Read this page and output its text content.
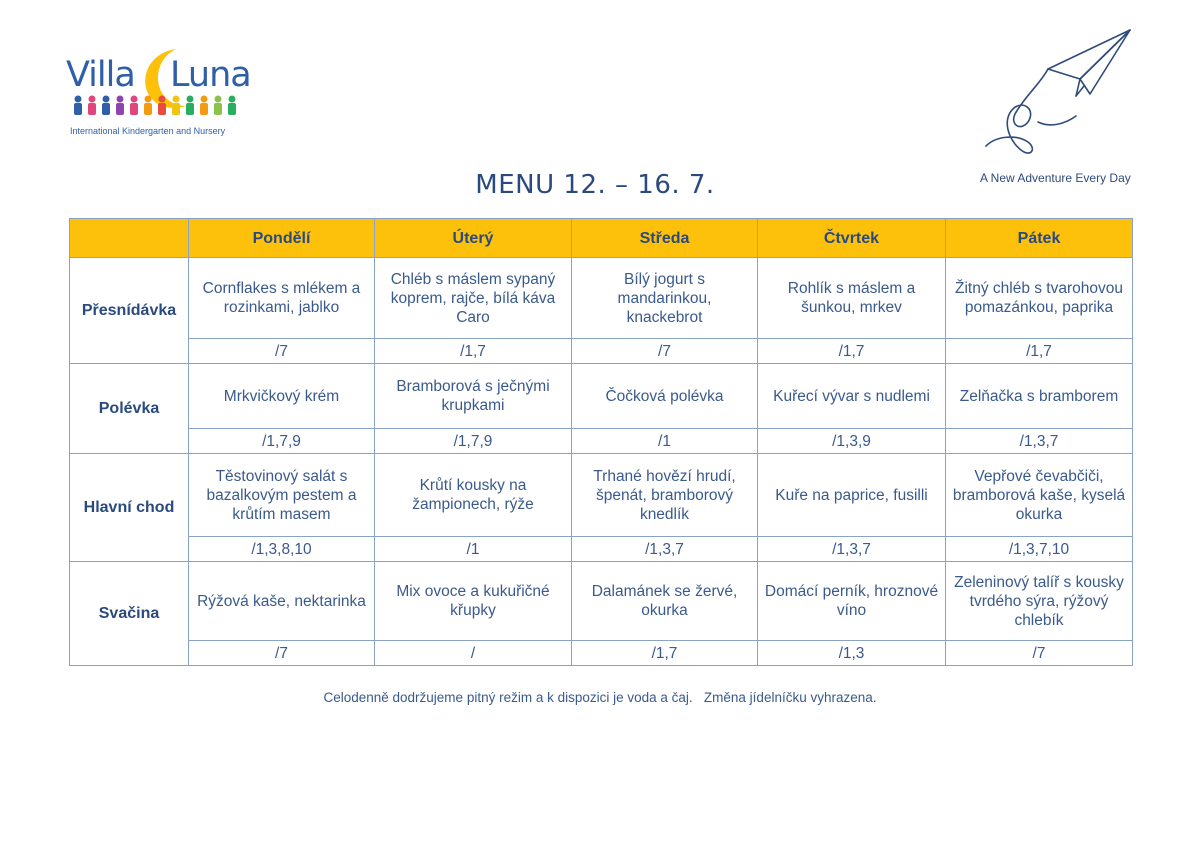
Villa Luna
International Kindergarten and Nursery
A New Adventure Every Day
MENU 12. – 16. 7.
	Pondělí	Úterý	Středa	Čtvrtek	Pátek
Přesnídávka	Cornflakes s mlékem a rozinkami, jablko	Chléb s máslem sypaný koprem, rajče, bílá káva Caro	Bílý jogurt s mandarinkou, knackebrot	Rohlík s máslem a šunkou, mrkev	Žitný chléb s tvarohovou pomazánkou, paprika
	/7	/1,7	/7	/1,7	/1,7
Polévka	Mrkvičkový krém	Bramborová s ječnými krupkami	Čočková polévka	Kuřecí vývar s nudlemi	Zelňačka s bramborem
	/1,7,9	/1,7,9	/1	/1,3,9	/1,3,7
Hlavní chod	Těstovinový salát s bazalkovým pestem a krůtím masem	Krůtí kousky na žampionech, rýže	Trhané hovězí hrudí, špenát, bramborový knedlík	Kuře na paprice, fusilli	Vepřové čevabčiči, bramborová kaše, kyselá okurka
	/1,3,8,10	/1	/1,3,7	/1,3,7	/1,3,7,10
Svačina	Rýžová kaše, nektarinka	Mix ovoce a kukuřičné křupky	Dalamánek se žervé, okurka	Domácí perník, hroznové víno	Zeleninový talíř s kousky tvrdého sýra, rýžový chlebík
	/7	/	/1,7	/1,3	/7
Celodenně dodržujeme pitný režim a k dispozici je voda a čaj.   Změna jídelníčku vyhrazena.
